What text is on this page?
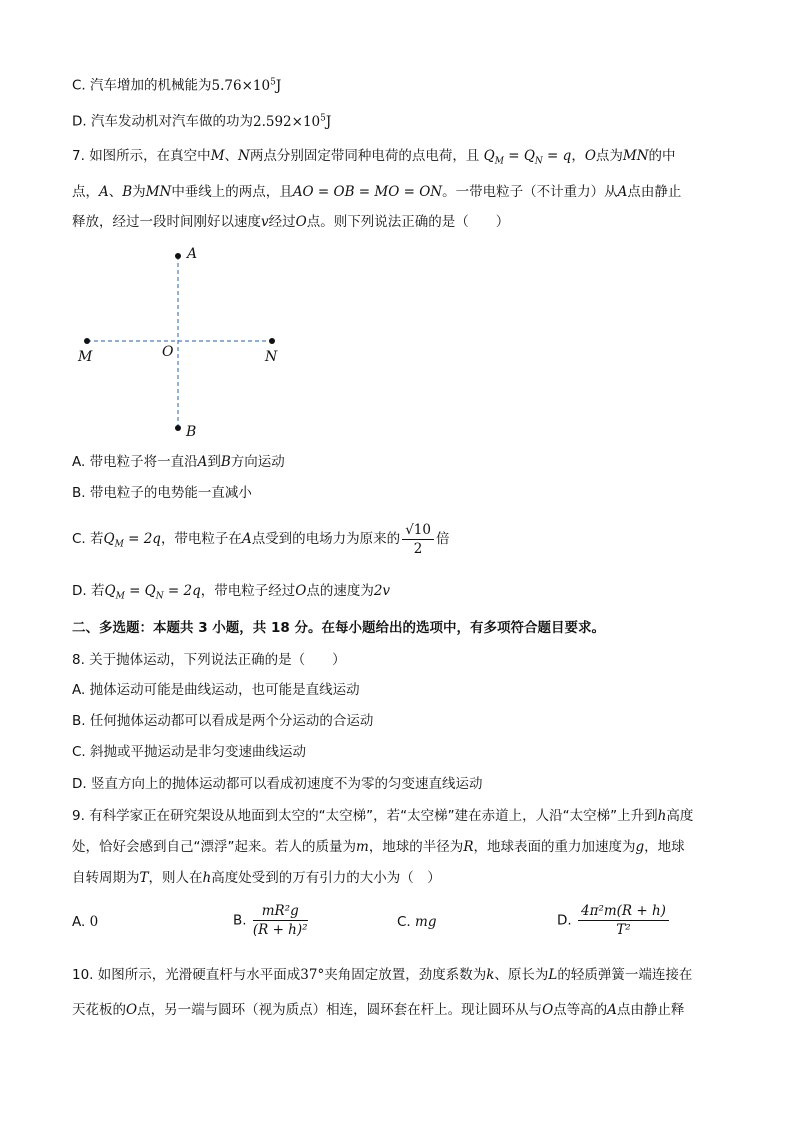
C. 汽车增加的机械能为$5.76\times 10^5J$
D. 汽车发动机对汽车做的功为$2.592\times 10^5J$
7. 如图所示，在真空中M、N两点分别固定带同种电荷的点电荷，且 $Q_M = Q_N = q$，O点为MN的中
点，A、B为MN中垂线上的两点，且AO = OB = MO = ON。一带电粒子（不计重力）从A点由静止
释放，经过一段时间刚好以速度v经过O点。则下列说法正确的是（　　）
A
B
M	N
O
A. 带电粒子将一直沿A到B方向运动
B. 带电粒子的电势能一直减小
C. 若$Q_M = 2q$，带电粒子在A点受到的电场力为原来的 $\frac{√10}{2}$ 倍
D. 若$Q_M = Q_N = 2q$，带电粒子经过O点的速度为2v
二、多选题：本题共 3 小题，共 18 分。在每小题给出的选项中，有多项符合题目要求。
8. 关于抛体运动，下列说法正确的是（　　）
A. 抛体运动可能是曲线运动，也可能是直线运动
B. 任何抛体运动都可以看成是两个分运动的合运动
C. 斜抛或平抛运动是非匀变速曲线运动
D. 竖直方向上的抛体运动都可以看成初速度不为零的匀变速直线运动
9. 有科学家正在研究架设从地面到太空的“太空梯”，若“太空梯”建在赤道上，人沿“太空梯”上升到h高度
处，恰好会感到自己“漂浮”起来。若人的质量为m，地球的半径为R，地球表面的重力加速度为g，地球
自转周期为T，则人在h高度处受到的万有引力的大小为（　）
A. 0	B. $\frac{\text{mR²g}}{\text{(R + h)²}}$	C. mg	D. $\frac{\text{4π²m(R + h)}}{\text{T²}}$
10. 如图所示，光滑硬直杆与水平面成37°夹角固定放置，劲度系数为k、原长为L的轻质弹簧一端连接在
天花板的O点，另一端与圆环（视为质点）相连，圆环套在杆上。现让圆环从与O点等高的A点由静止释
